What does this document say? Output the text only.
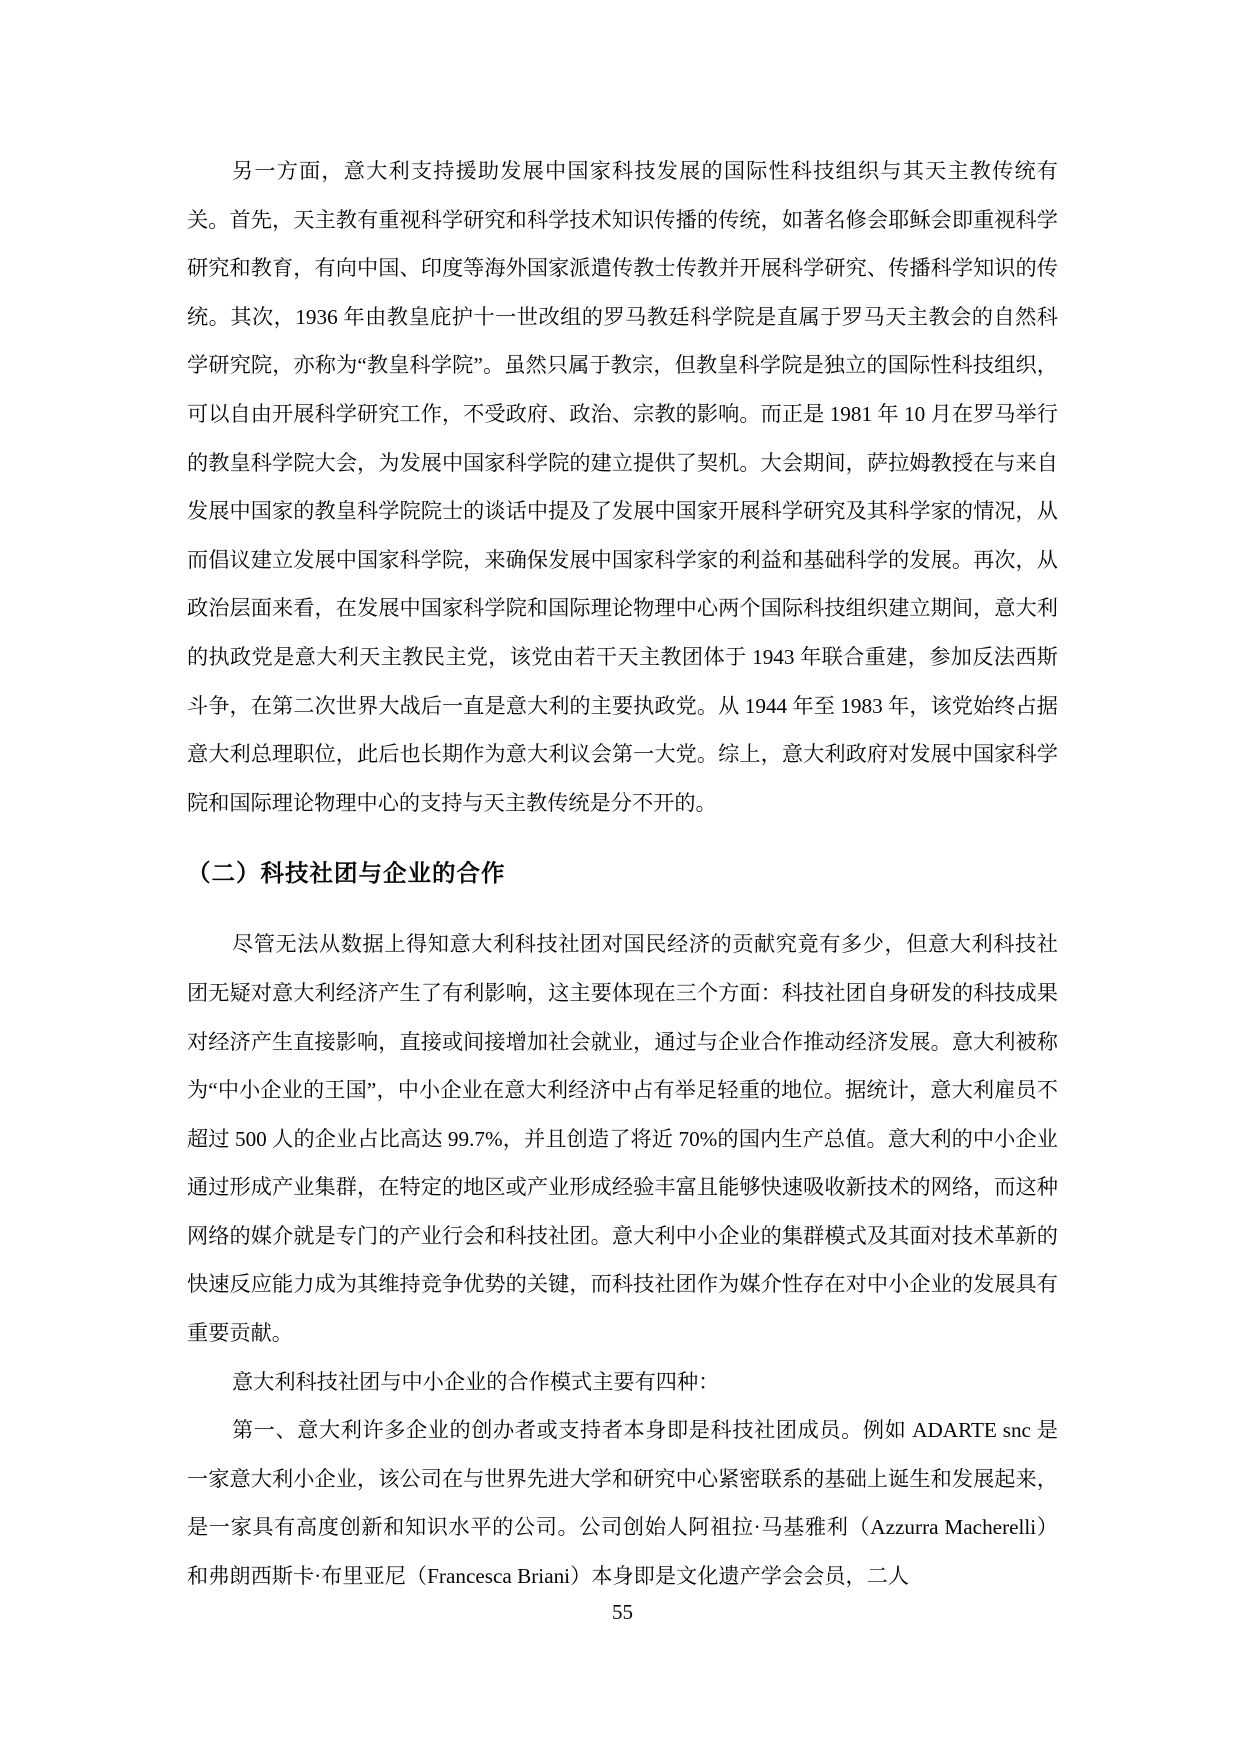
另一方面，意大利支持援助发展中国家科技发展的国际性科技组织与其天主教传统有关。首先，天主教有重视科学研究和科学技术知识传播的传统，如著名修会耶稣会即重视科学研究和教育，有向中国、印度等海外国家派遣传教士传教并开展科学研究、传播科学知识的传统。其次，1936 年由教皇庇护十一世改组的罗马教廷科学院是直属于罗马天主教会的自然科学研究院，亦称为“教皇科学院”。虽然只属于教宗，但教皇科学院是独立的国际性科技组织，可以自由开展科学研究工作，不受政府、政治、宗教的影响。而正是 1981 年 10 月在罗马举行的教皇科学院大会，为发展中国家科学院的建立提供了契机。大会期间，萨拉姆教授在与来自发展中国家的教皇科学院院士的谈话中提及了发展中国家开展科学研究及其科学家的情况，从而倡议建立发展中国家科学院，来确保发展中国家科学家的利益和基础科学的发展。再次，从政治层面来看，在发展中国家科学院和国际理论物理中心两个国际科技组织建立期间，意大利的执政党是意大利天主教民主党，该党由若干天主教团体于 1943 年联合重建，参加反法西斯斗争，在第二次世界大战后一直是意大利的主要执政党。从 1944 年至 1983 年，该党始终占据意大利总理职位，此后也长期作为意大利议会第一大党。综上，意大利政府对发展中国家科学院和国际理论物理中心的支持与天主教传统是分不开的。

（二）科技社团与企业的合作

尽管无法从数据上得知意大利科技社团对国民经济的贡献究竟有多少，但意大利科技社团无疑对意大利经济产生了有利影响，这主要体现在三个方面：科技社团自身研发的科技成果对经济产生直接影响，直接或间接增加社会就业，通过与企业合作推动经济发展。意大利被称为“中小企业的王国”，中小企业在意大利经济中占有举足轻重的地位。据统计，意大利雇员不超过 500 人的企业占比高达 99.7%，并且创造了将近 70%的国内生产总值。意大利的中小企业通过形成产业集群，在特定的地区或产业形成经验丰富且能够快速吸收新技术的网络，而这种网络的媒介就是专门的产业行会和科技社团。意大利中小企业的集群模式及其面对技术革新的快速反应能力成为其维持竞争优势的关键，而科技社团作为媒介性存在对中小企业的发展具有重要贡献。

意大利科技社团与中小企业的合作模式主要有四种：

第一、意大利许多企业的创办者或支持者本身即是科技社团成员。例如 ADARTE snc 是一家意大利小企业，该公司在与世界先进大学和研究中心紧密联系的基础上诞生和发展起来，是一家具有高度创新和知识水平的公司。公司创始人阿祖拉·马基雅利（Azzurra Macherelli）和弗朗西斯卡·布里亚尼（Francesca Briani）本身即是文化遗产学会会员，二人

55
